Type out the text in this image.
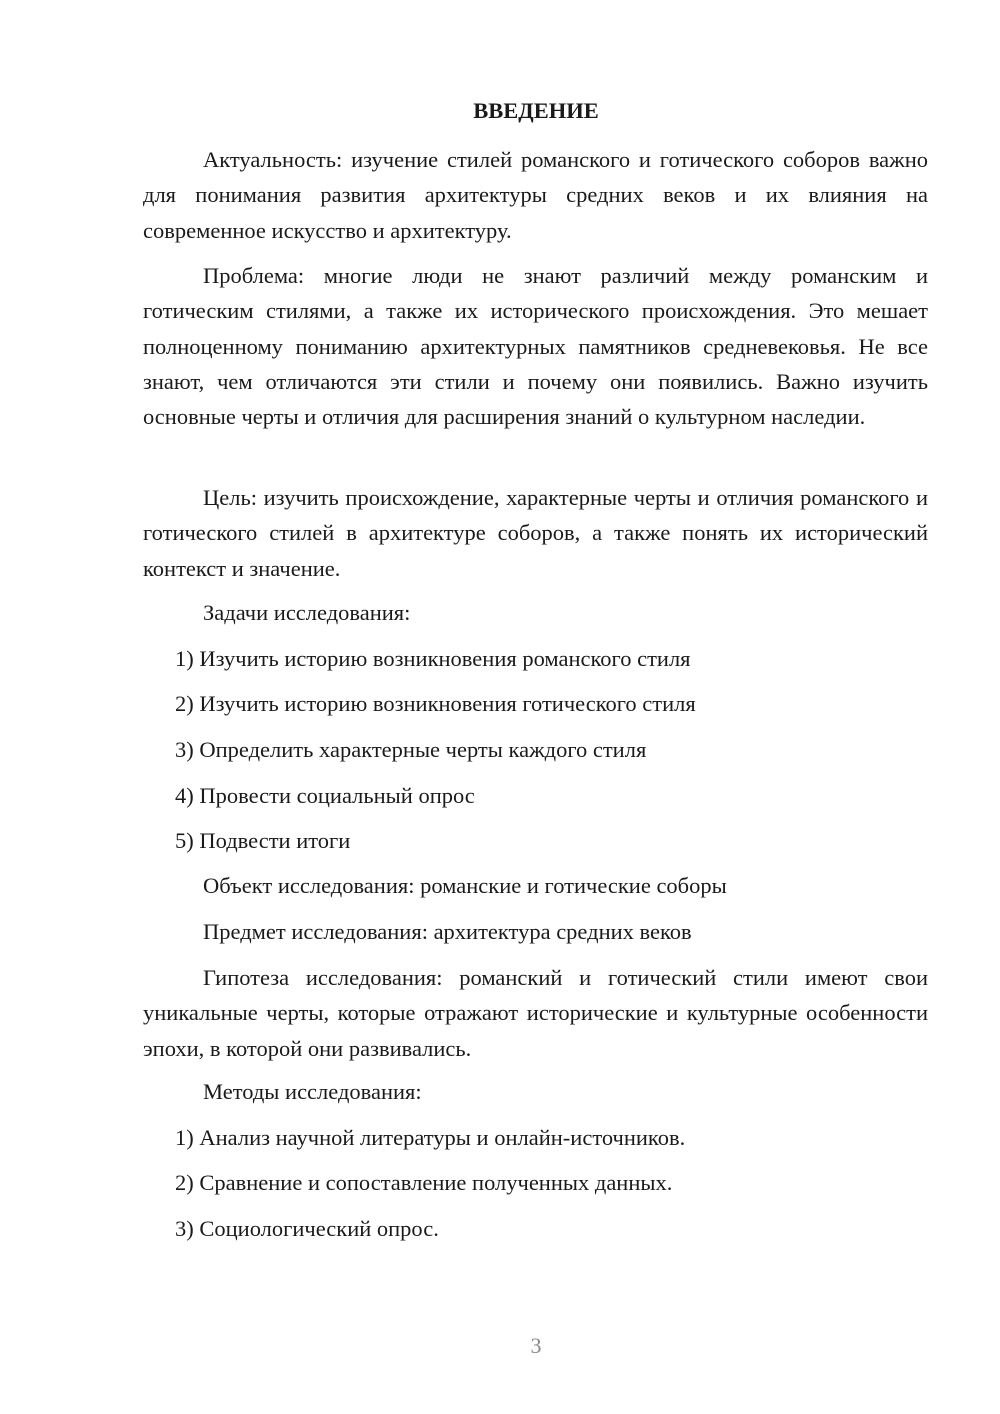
ВВЕДЕНИЕ

Актуальность: изучение стилей романского и готического соборов важно для понимания развития архитектуры средних веков и их влияния на современное искусство и архитектуру.

Проблема: многие люди не знают различий между романским и готическим стилями, а также их исторического происхождения. Это мешает полноценному пониманию архитектурных памятников средневековья. Не все знают, чем отличаются эти стили и почему они появились. Важно изучить основные черты и отличия для расширения знаний о культурном наследии.

Цель: изучить происхождение, характерные черты и отличия романского и готического стилей в архитектуре соборов, а также понять их исторический контекст и значение.

Задачи исследования:

1) Изучить историю возникновения романского стиля

2) Изучить историю возникновения готического стиля

3) Определить характерные черты каждого стиля

4) Провести социальный опрос

5) Подвести итоги

Объект исследования: романские и готические соборы

Предмет исследования: архитектура средних веков

Гипотеза исследования: романский и готический стили имеют свои уникальные черты, которые отражают исторические и культурные особенности эпохи, в которой они развивались.

Методы исследования:

1) Анализ научной литературы и онлайн-источников.

2) Сравнение и сопоставление полученных данных.

3) Социологический опрос.

3
